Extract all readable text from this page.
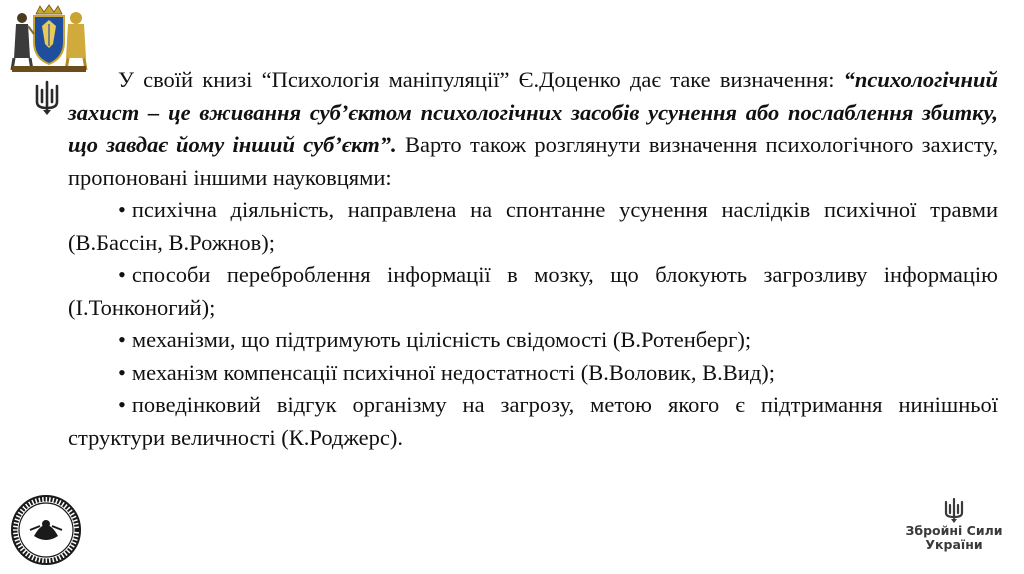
У своїй книзі “Психологія маніпуляції” Є.Доценко дає таке визначення: “психологічний захист – це вживання суб’єктом психологічних засобів усунення або послаблення збитку, що завдає йому інший суб’єкт”. Варто також розглянути визначення психологічного захисту, пропоновані іншими науковцями:

• психічна діяльність, направлена на спонтанне усунення наслідків психічної травми (В.Бассін, В.Рожнов);

• способи переброблення інформації в мозку, що блокують загрозливу інформацію (І.Тонконогий);

• механізми, що підтримують цілісність свідомості (В.Ротенберг);

• механізм компенсації психічної недостатності (В.Воловик, В.Вид);

• поведінковий відгук організму на загрозу, метою якого є підтримання нинішньої структури величності (К.Роджерс).

Збройні Сили
України
